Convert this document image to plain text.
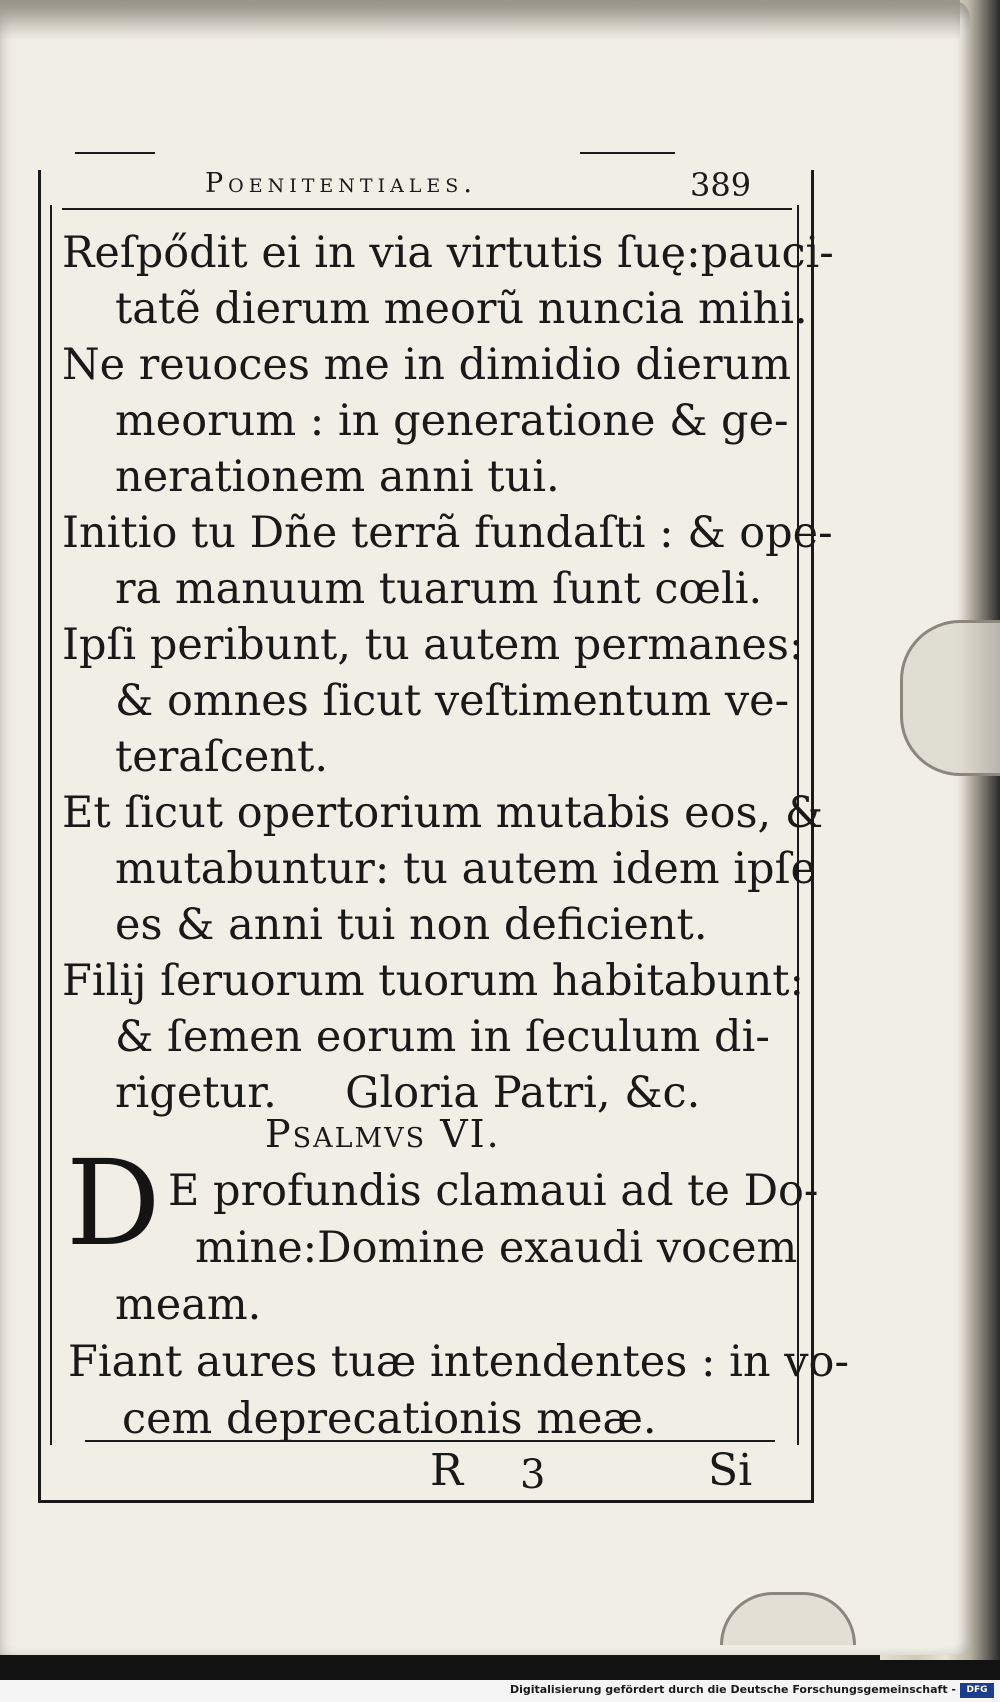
Poenitentiales.	389
Reſpődit ei in via virtutis ſuę:pauci-
tatẽ dierum meorũ nuncia mihi.
Ne reuoces me in dimidio dierum
meorum : in generatione & ge-
nerationem anni tui.
Initio tu Dñe terrã fundaſti : & ope-
ra manuum tuarum ſunt cœli.
Ipſi peribunt, tu autem permanes:
& omnes ſicut veſtimentum ve-
teraſcent.
Et ſicut opertorium mutabis eos, &
mutabuntur: tu autem idem ipſe
es & anni tui non deficient.
Filij ſeruorum tuorum habitabunt:
& ſemen eorum in ſeculum di-
rigetur.     Gloria Patri, &c.
Psalmvs VI.
D E profundis clamaui ad te Do-
mine:Domine exaudi vocem
meam.
Fiant aures tuæ intendentes : in vo-
cem deprecationis meæ.
R 3	Si
Digitalisierung gefördert durch die Deutsche Forschungsgemeinschaft -	DFG
